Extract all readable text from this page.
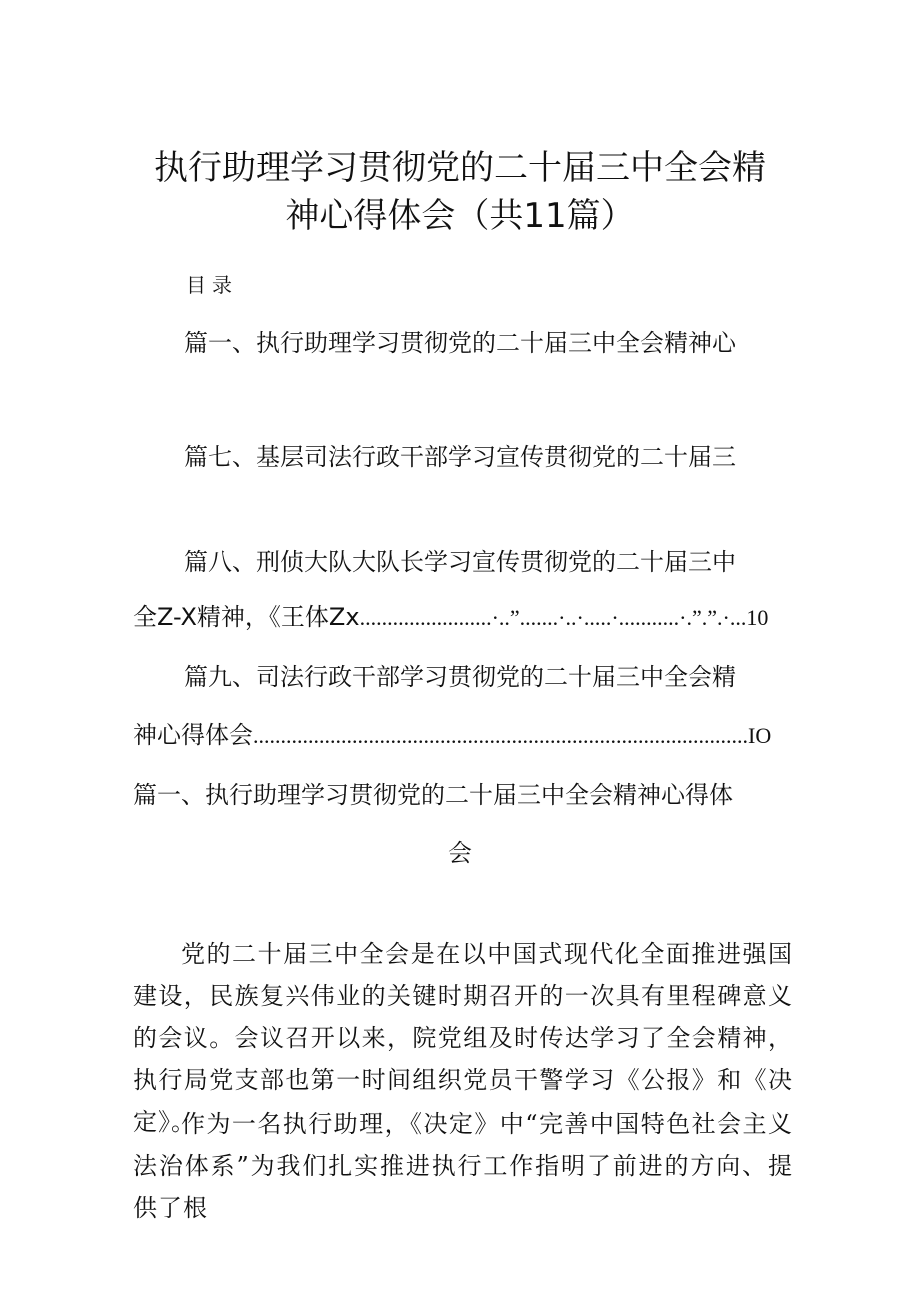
执行助理学习贯彻党的二十届三中全会精
神心得体会（共11篇）
目录
篇一、执行助理学习贯彻党的二十届三中全会精神心
篇七、基层司法行政干部学习宣传贯彻党的二十届三
篇八、刑侦大队大队长学习宣传贯彻党的二十届三中
全Z-X精神，《王体Zx........................·..”.......·..·.....·...........·.”.”.·...10
篇九、司法行政干部学习贯彻党的二十届三中全会精
神心得体会..........................................................................................IO
篇一、执行助理学习贯彻党的二十届三中全会精神心得体
会

党的二十届三中全会是在以中国式现代化全面推进强国建设，民族复兴伟业的关键时期召开的一次具有里程碑意义的会议。会议召开以来，院党组及时传达学习了全会精神，执行局党支部也第一时间组织党员干警学习《公报》和《决定》。

作为一名执行助理，《决定》中“完善中国特色社会主义法治体系”为我们扎实推进执行工作指明了前进的方向、提供了根
